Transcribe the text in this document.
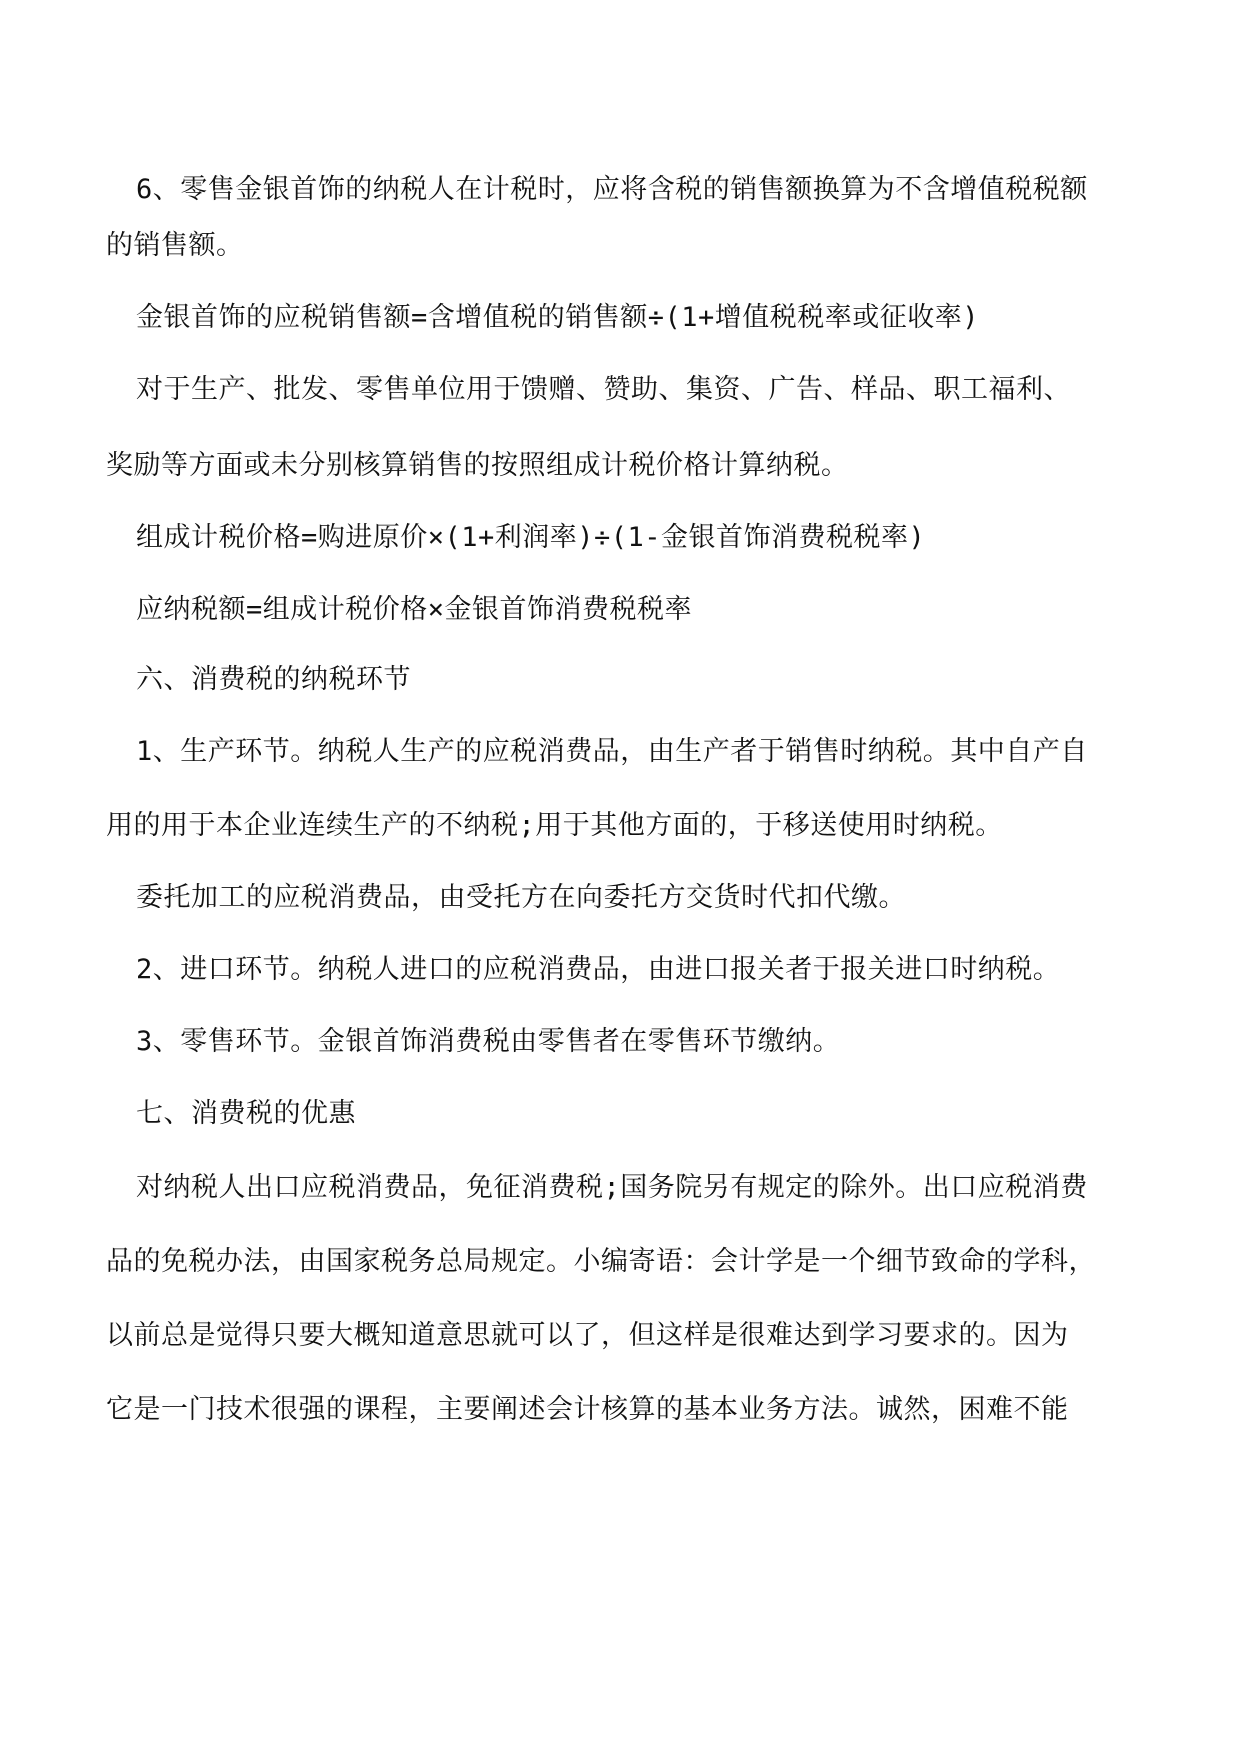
6、零售金银首饰的纳税人在计税时，应将含税的销售额换算为不含增值税税额
的销售额。
金银首饰的应税销售额=含增值税的销售额÷(1+增值税税率或征收率)
对于生产、批发、零售单位用于馈赠、赞助、集资、广告、样品、职工福利、
奖励等方面或未分别核算销售的按照组成计税价格计算纳税。
组成计税价格=购进原价×(1+利润率)÷(1-金银首饰消费税税率)
应纳税额=组成计税价格×金银首饰消费税税率
六、消费税的纳税环节
1、生产环节。纳税人生产的应税消费品，由生产者于销售时纳税。其中自产自
用的用于本企业连续生产的不纳税;用于其他方面的，于移送使用时纳税。
委托加工的应税消费品，由受托方在向委托方交货时代扣代缴。
2、进口环节。纳税人进口的应税消费品，由进口报关者于报关进口时纳税。
3、零售环节。金银首饰消费税由零售者在零售环节缴纳。
七、消费税的优惠
对纳税人出口应税消费品，免征消费税;国务院另有规定的除外。出口应税消费
品的免税办法，由国家税务总局规定。小编寄语：会计学是一个细节致命的学科，
以前总是觉得只要大概知道意思就可以了，但这样是很难达到学习要求的。因为
它是一门技术很强的课程，主要阐述会计核算的基本业务方法。诚然，困难不能
